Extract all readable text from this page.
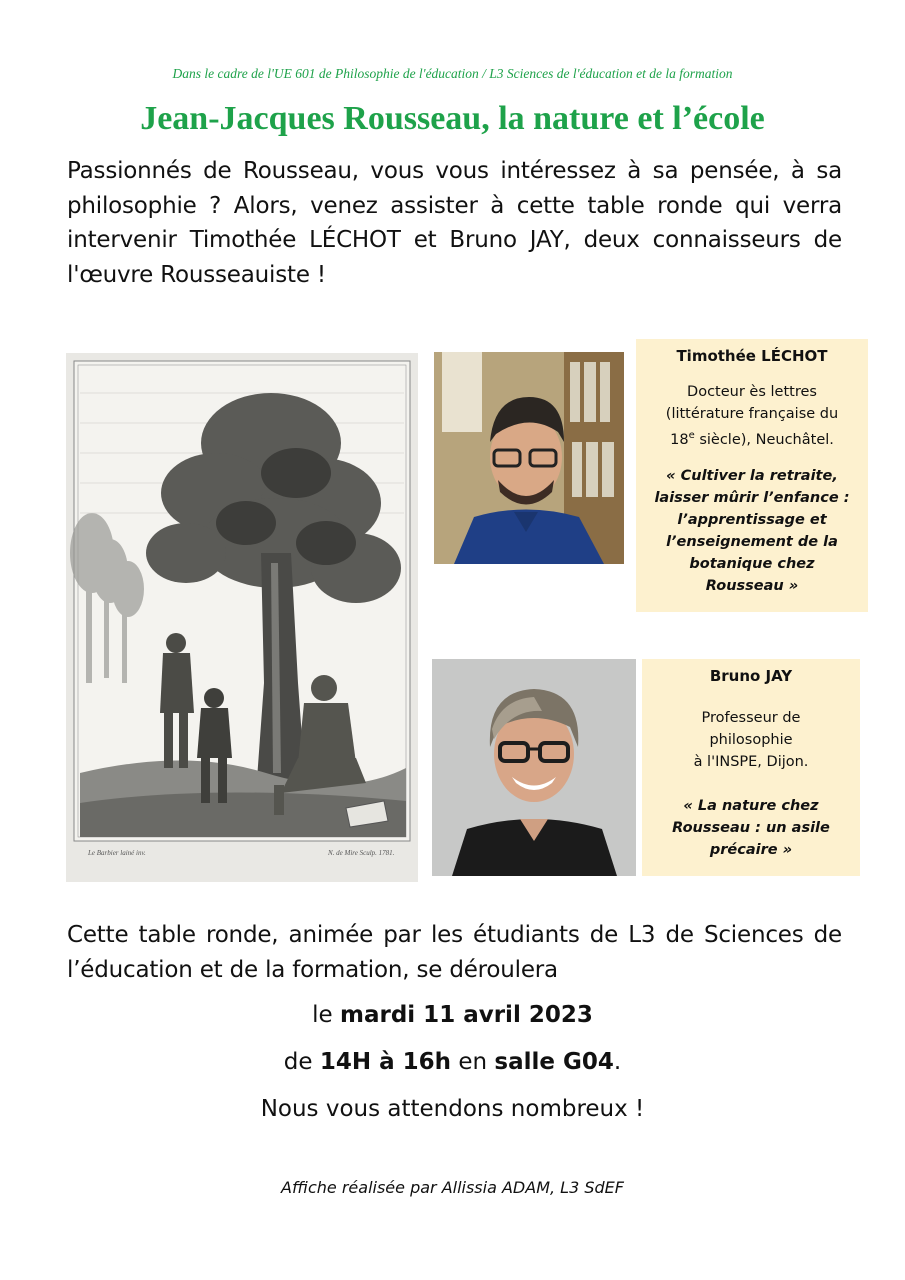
Dans le cadre de l'UE 601 de Philosophie de l'éducation / L3 Sciences de l'éducation et de la formation
Jean-Jacques Rousseau, la nature et l’école
Passionnés de Rousseau, vous vous intéressez à sa pensée, à sa philosophie ? Alors, venez assister à cette table ronde qui verra intervenir Timothée LÉCHOT et Bruno JAY, deux connaisseurs de l'œuvre Rousseauiste !
Le Barbier lainé inv.	N. de Mire Sculp. 1781.
Timothée LÉCHOT
Docteur ès lettres
(littérature française du
18e siècle), Neuchâtel.
« Cultiver la retraite, laisser mûrir l’enfance : l’apprentissage et l’enseignement de la botanique chez Rousseau »
Bruno JAY
Professeur de
philosophie
à l'INSPE, Dijon.
« La nature chez Rousseau : un asile précaire »
Cette table ronde, animée par les étudiants de L3 de Sciences de l’éducation et de la formation, se déroulera
le mardi 11 avril 2023
de 14H à 16h en salle G04.
Nous vous attendons nombreux !
Affiche réalisée par Allissia ADAM, L3 SdEF
